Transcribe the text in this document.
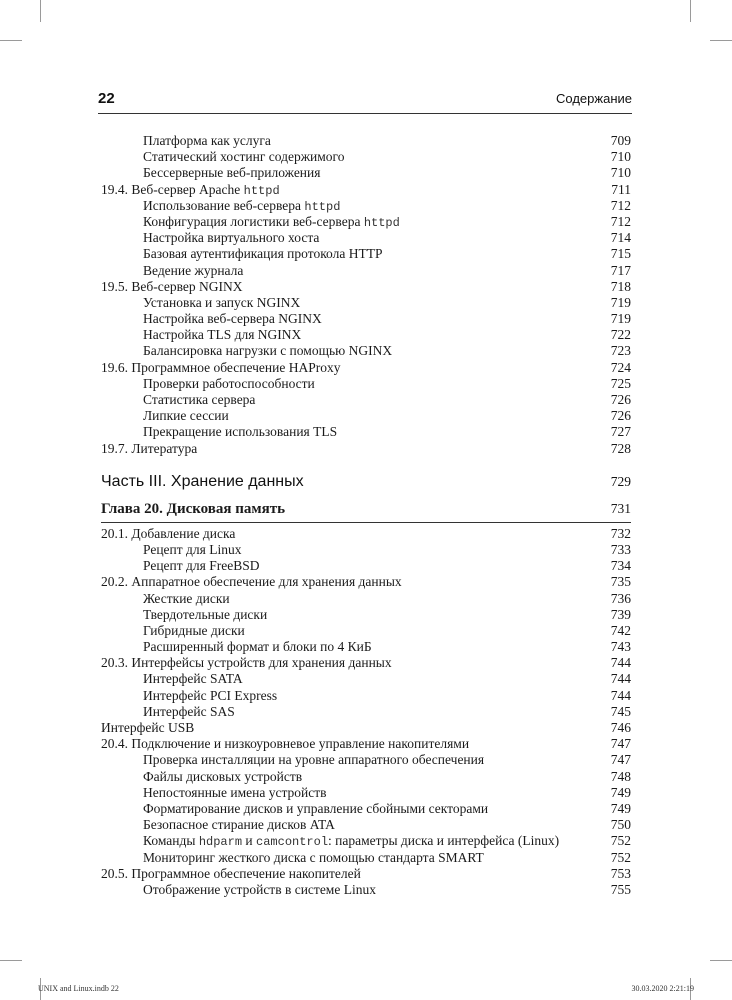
22	Содержание
Платформа как услуга	709
Статический хостинг содержимого	710
Бессерверные веб-приложения	710
19.4. Веб-сервер Apache httpd	711
Использование веб-сервера httpd	712
Конфигурация логистики веб-сервера httpd	712
Настройка виртуального хоста	714
Базовая аутентификация протокола HTTP	715
Ведение журнала	717
19.5. Веб-сервер NGINX	718
Установка и запуск NGINX	719
Настройка веб-сервера NGINX	719
Настройка TLS для NGINX	722
Балансировка нагрузки с помощью NGINX	723
19.6. Программное обеспечение HAProxy	724
Проверки работоспособности	725
Статистика сервера	726
Липкие сессии	726
Прекращение использования TLS	727
19.7. Литература	728
Часть III. Хранение данных	729
Глава 20. Дисковая память	731
20.1. Добавление диска	732
Рецепт для Linux	733
Рецепт для FreeBSD	734
20.2. Аппаратное обеспечение для хранения данных	735
Жесткие диски	736
Твердотельные диски	739
Гибридные диски	742
Расширенный формат и блоки по 4 КиБ	743
20.3. Интерфейсы устройств для хранения данных	744
Интерфейс SATA	744
Интерфейс PCI Express	744
Интерфейс SAS	745
Интерфейс USB	746
20.4. Подключение и низкоуровневое управление накопителями	747
Проверка инсталляции на уровне аппаратного обеспечения	747
Файлы дисковых устройств	748
Непостоянные имена устройств	749
Форматирование дисков и управление сбойными секторами	749
Безопасное стирание дисков ATA	750
Команды hdparm и camcontrol: параметры диска и интерфейса (Linux)	752
Мониторинг жесткого диска с помощью стандарта SMART	752
20.5. Программное обеспечение накопителей	753
Отображение устройств в системе Linux	755
UNIX and Linux.indb 22	30.03.2020 2:21:19
